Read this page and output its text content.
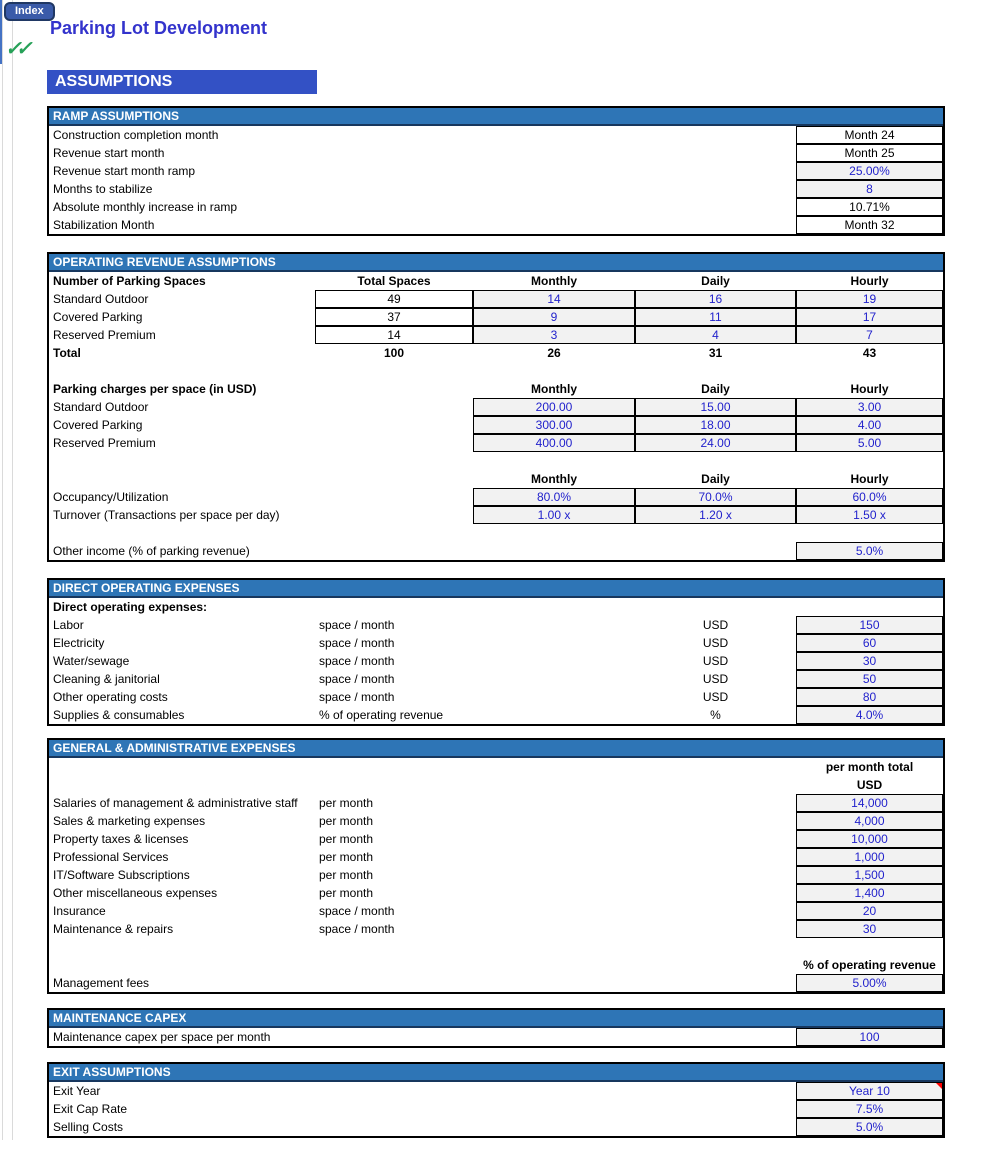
Index
✓✓
Parking Lot Development
ASSUMPTIONS
RAMP ASSUMPTIONS
Construction completion month	Month 24
Revenue start month	Month 25
Revenue start month ramp	25.00%
Months to stabilize	8
Absolute monthly increase in ramp	10.71%
Stabilization Month	Month 32
OPERATING REVENUE ASSUMPTIONS
Number of Parking Spaces	Total Spaces	Monthly	Daily	Hourly
Standard Outdoor	49	14	16	19
Covered Parking	37	9	11	17
Reserved Premium	14	3	4	7
Total	100	26	31	43
Parking charges per space (in USD)	Monthly	Daily	Hourly
Standard Outdoor	200.00	15.00	3.00
Covered Parking	300.00	18.00	4.00
Reserved Premium	400.00	24.00	5.00
Monthly	Daily	Hourly
Occupancy/Utilization	80.0%	70.0%	60.0%
Turnover (Transactions per space per day)	1.00 x	1.20 x	1.50 x
Other income (% of parking revenue)	5.0%
DIRECT OPERATING EXPENSES
Direct operating expenses:
Labor	space / month	USD	150
Electricity	space / month	USD	60
Water/sewage	space / month	USD	30
Cleaning & janitorial	space / month	USD	50
Other operating costs	space / month	USD	80
Supplies & consumables	% of operating revenue	%	4.0%
GENERAL & ADMINISTRATIVE EXPENSES
per month total
USD
Salaries of management & administrative staff	per month	14,000
Sales & marketing expenses	per month	4,000
Property taxes & licenses	per month	10,000
Professional Services	per month	1,000
IT/Software Subscriptions	per month	1,500
Other miscellaneous expenses	per month	1,400
Insurance	space / month	20
Maintenance & repairs	space / month	30
% of operating revenue
Management fees	5.00%
MAINTENANCE CAPEX
Maintenance capex per space per month	100
EXIT ASSUMPTIONS
Exit Year	Year 10
Exit Cap Rate	7.5%
Selling Costs	5.0%
